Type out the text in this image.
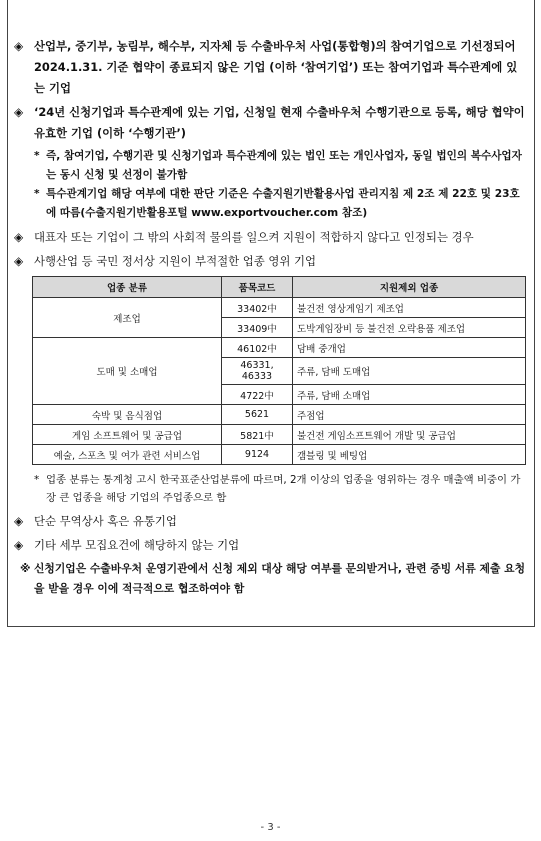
◈ 산업부, 중기부, 농림부, 해수부, 지자체 등 수출바우처 사업(통합형)의 참여기업으로 기선정되어 2024.1.31. 기준 협약이 종료되지 않은 기업 (이하 ‘참여기업’) 또는 참여기업과 특수관계에 있는 기업
◈ ‘24년 신청기업과 특수관계에 있는 기업, 신청일 현재 수출바우처 수행기관으로 등록, 해당 협약이 유효한 기업 (이하 ‘수행기관’)
* 즉, 참여기업, 수행기관 및 신청기업과 특수관계에 있는 법인 또는 개인사업자, 동일 법인의 복수사업자는 동시 신청 및 선정이 불가함
* 특수관계기업 해당 여부에 대한 판단 기준은 수출지원기반활용사업 관리지침 제 2조 제 22호 및 23호에 따름(수출지원기반활용포털 www.exportvoucher.com 참조)
◈ 대표자 또는 기업이 그 밖의 사회적 물의를 일으켜 지원이 적합하지 않다고 인정되는 경우
◈ 사행산업 등 국민 정서상 지원이 부적절한 업종 영위 기업
업종 분류	품목코드	지원제외 업종
제조업	33402中	불건전 영상게임기 제조업
	33409中	도박게임장비 등 불건전 오락용품 제조업
도매 및 소매업	46102中	담배 중개업
	46331,
46333	주류, 담배 도매업
	4722中	주류, 담배 소매업
숙박 및 음식점업	5621	주점업
게임 소프트웨어 및 공급업	5821中	불건전 게임소프트웨어 개발 및 공급업
예술, 스포츠 및 여가 관련 서비스업	9124	갬블링 및 베팅업
* 업종 분류는 통계청 고시 한국표준산업분류에 따르며, 2개 이상의 업종을 영위하는 경우 매출액 비중이 가장 큰 업종을 해당 기업의 주업종으로 함
◈ 단순 무역상사 혹은 유통기업
◈ 기타 세부 모집요건에 해당하지 않는 기업
※ 신청기업은 수출바우처 운영기관에서 신청 제외 대상 해당 여부를 문의받거나, 관련 증빙 서류 제출 요청을 받을 경우 이에 적극적으로 협조하여야 함
- 3 -
